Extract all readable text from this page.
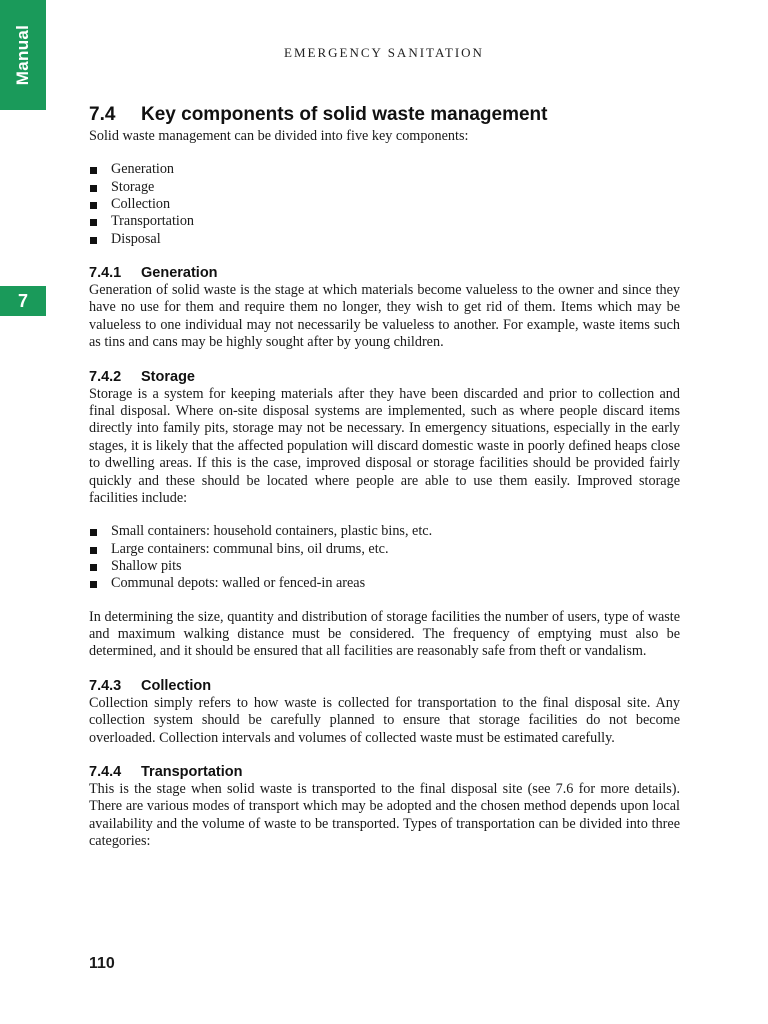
Manual
7
EMERGENCY SANITATION
7.4 Key components of solid waste management

Solid waste management can be divided into five key components:

Generation
Storage
Collection
Transportation
Disposal
7.4.1 Generation

Generation of solid waste is the stage at which materials become valueless to the owner and since they have no use for them and require them no longer, they wish to get rid of them. Items which may be valueless to one individual may not necessarily be valueless to another. For example, waste items such as tins and cans may be highly sought after by young children.

7.4.2 Storage

Storage is a system for keeping materials after they have been discarded and prior to collection and final disposal. Where on-site disposal systems are implemented, such as where people discard items directly into family pits, storage may not be necessary. In emergency situations, especially in the early stages, it is likely that the affected population will discard domestic waste in poorly defined heaps close to dwelling areas. If this is the case, improved disposal or storage facilities should be provided fairly quickly and these should be located where people are able to use them easily. Improved storage facilities include:

Small containers: household containers, plastic bins, etc.
Large containers: communal bins, oil drums, etc.
Shallow pits
Communal depots: walled or fenced-in areas

In determining the size, quantity and distribution of storage facilities the number of users, type of waste and maximum walking distance must be considered. The frequency of emptying must also be determined, and it should be ensured that all facilities are reasonably safe from theft or vandalism.

7.4.3 Collection

Collection simply refers to how waste is collected for transportation to the final disposal site. Any collection system should be carefully planned to ensure that storage facilities do not become overloaded. Collection intervals and volumes of collected waste must be estimated carefully.

7.4.4 Transportation

This is the stage when solid waste is transported to the final disposal site (see 7.6 for more details). There are various modes of transport which may be adopted and the chosen method depends upon local availability and the volume of waste to be transported. Types of transportation can be divided into three categories:

110
